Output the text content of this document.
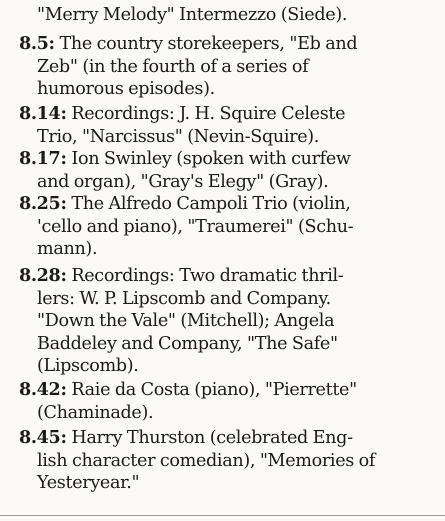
"Merry Melody" Intermezzo (Siede).
8.5: The country storekeepers, "Eb and
Zeb" (in the fourth of a series of
humorous episodes).
8.14: Recordings: J. H. Squire Celeste
Trio, "Narcissus" (Nevin-Squire).
8.17: Ion Swinley (spoken with curfew
and organ), "Gray's Elegy" (Gray).
8.25: The Alfredo Campoli Trio (violin,
'cello and piano), "Traumerei" (Schu-
mann).
8.28: Recordings: Two dramatic thril-
lers: W. P. Lipscomb and Company.
"Down the Vale" (Mitchell); Angela
Baddeley and Company, "The Safe"
(Lipscomb).
8.42: Raie da Costa (piano), "Pierrette"
(Chaminade).
8.45: Harry Thurston (celebrated Eng-
lish character comedian), "Memories of
Yesteryear."
